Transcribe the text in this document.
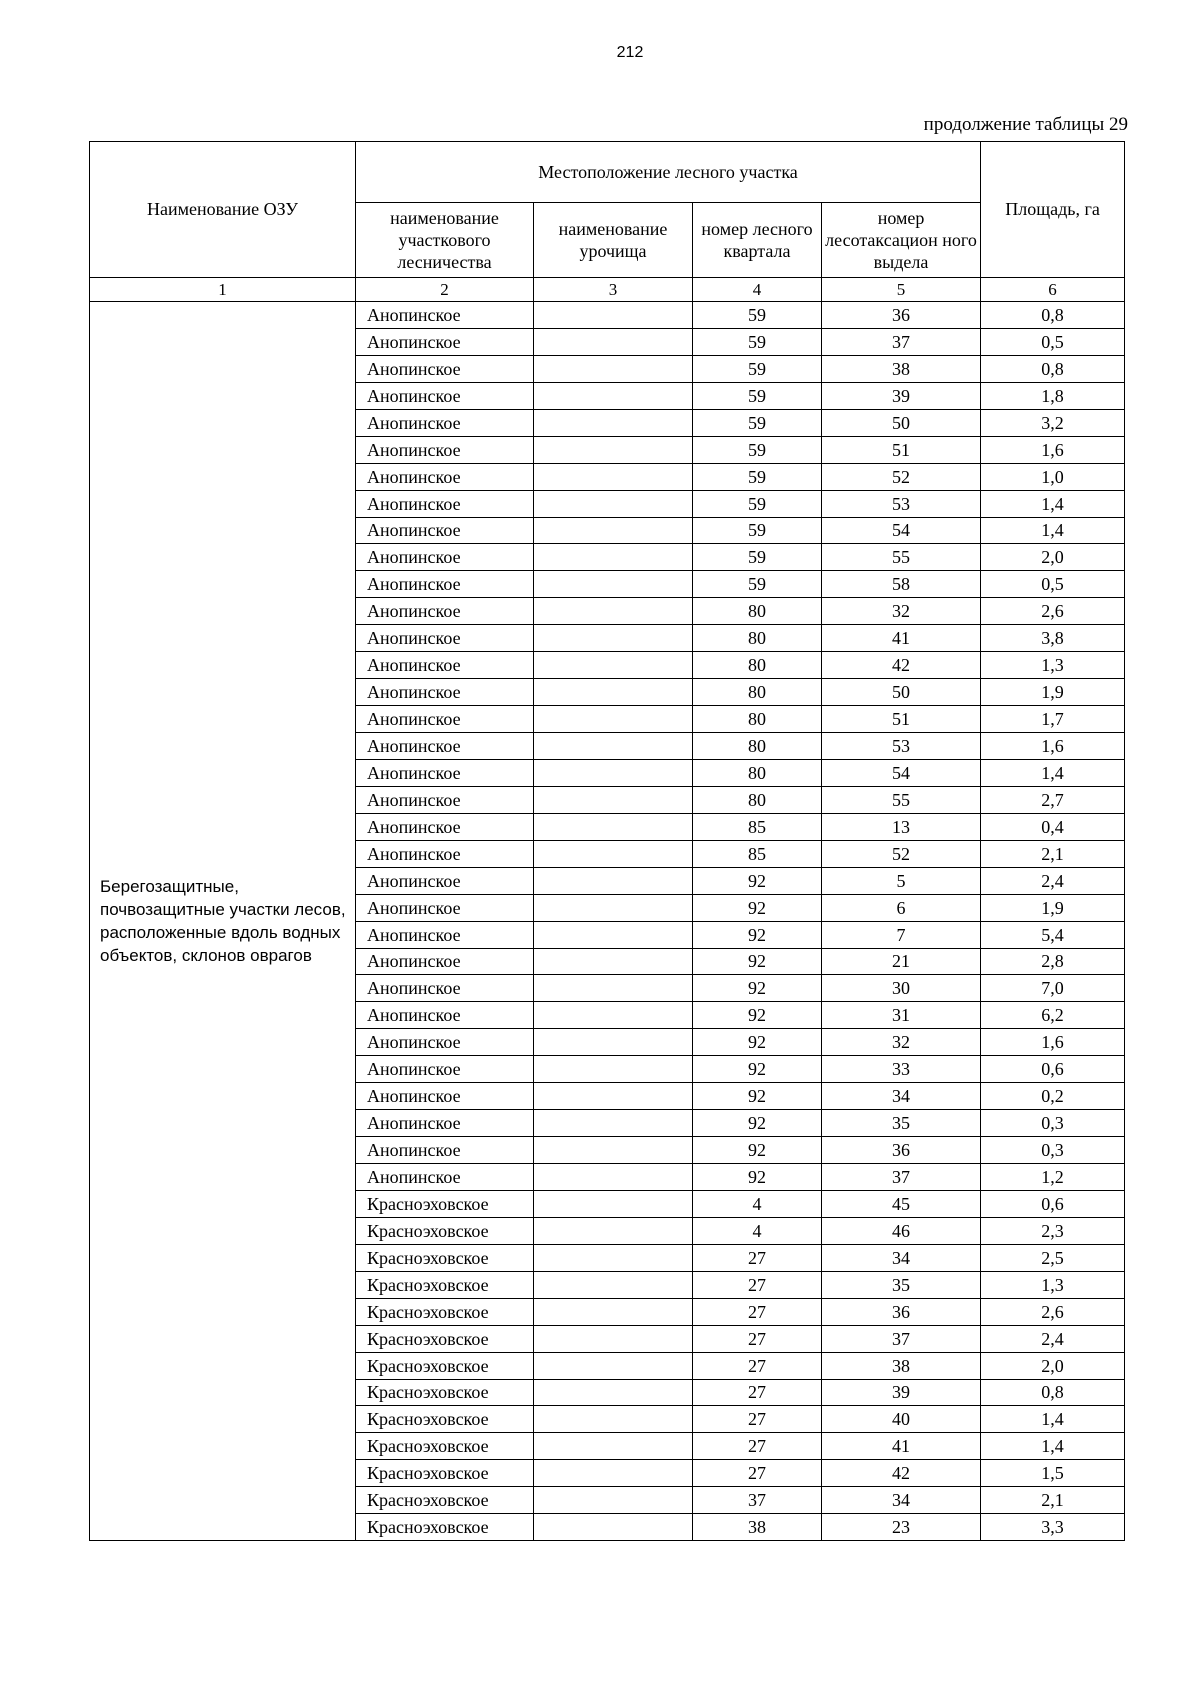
212
продолжение таблицы 29
Наименование ОЗУ	Местоположение лесного участка				Площадь, га
	наименование участкового лесничества	наименование урочища	номер лесного квартала	номер лесотаксацион ного выдела	
1	2	3	4	5	6
Берегозащитные, почвозащитные участки лесов, расположенные вдоль водных объектов, склонов оврагов	Анопинское		59	36	0,8
	Анопинское		59	37	0,5
	Анопинское		59	38	0,8
	Анопинское		59	39	1,8
	Анопинское		59	50	3,2
	Анопинское		59	51	1,6
	Анопинское		59	52	1,0
	Анопинское		59	53	1,4
	Анопинское		59	54	1,4
	Анопинское		59	55	2,0
	Анопинское		59	58	0,5
	Анопинское		80	32	2,6
	Анопинское		80	41	3,8
	Анопинское		80	42	1,3
	Анопинское		80	50	1,9
	Анопинское		80	51	1,7
	Анопинское		80	53	1,6
	Анопинское		80	54	1,4
	Анопинское		80	55	2,7
	Анопинское		85	13	0,4
	Анопинское		85	52	2,1
	Анопинское		92	5	2,4
	Анопинское		92	6	1,9
	Анопинское		92	7	5,4
	Анопинское		92	21	2,8
	Анопинское		92	30	7,0
	Анопинское		92	31	6,2
	Анопинское		92	32	1,6
	Анопинское		92	33	0,6
	Анопинское		92	34	0,2
	Анопинское		92	35	0,3
	Анопинское		92	36	0,3
	Анопинское		92	37	1,2
	Красноэховское		4	45	0,6
	Красноэховское		4	46	2,3
	Красноэховское		27	34	2,5
	Красноэховское		27	35	1,3
	Красноэховское		27	36	2,6
	Красноэховское		27	37	2,4
	Красноэховское		27	38	2,0
	Красноэховское		27	39	0,8
	Красноэховское		27	40	1,4
	Красноэховское		27	41	1,4
	Красноэховское		27	42	1,5
	Красноэховское		37	34	2,1
	Красноэховское		38	23	3,3
